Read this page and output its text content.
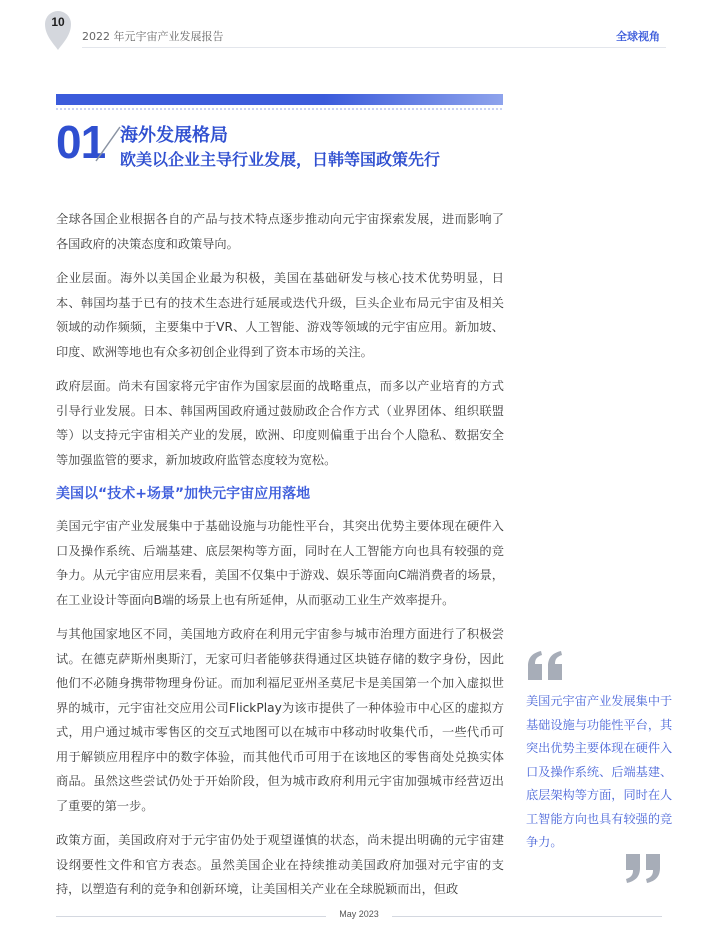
10
2022 年元宇宙产业发展报告	全球视角
01 海外发展格局
欧美以企业主导行业发展，日韩等国政策先行

全球各国企业根据各自的产品与技术特点逐步推动向元宇宙探索发展，进而影响了各国政府的决策态度和政策导向。

企业层面。海外以美国企业最为积极，美国在基础研发与核心技术优势明显，日本、韩国均基于已有的技术生态进行延展或迭代升级，巨头企业布局元宇宙及相关领域的动作频频，主要集中于VR、人工智能、游戏等领域的元宇宙应用。新加坡、印度、欧洲等地也有众多初创企业得到了资本市场的关注。

政府层面。尚未有国家将元宇宙作为国家层面的战略重点，而多以产业培育的方式引导行业发展。日本、韩国两国政府通过鼓励政企合作方式（业界团体、组织联盟等）以支持元宇宙相关产业的发展，欧洲、印度则偏重于出台个人隐私、数据安全等加强监管的要求，新加坡政府监管态度较为宽松。

美国以“技术+场景”加快元宇宙应用落地

美国元宇宙产业发展集中于基础设施与功能性平台，其突出优势主要体现在硬件入口及操作系统、后端基建、底层架构等方面，同时在人工智能方向也具有较强的竞争力。从元宇宙应用层来看，美国不仅集中于游戏、娱乐等面向C端消费者的场景，在工业设计等面向B端的场景上也有所延伸，从而驱动工业生产效率提升。

与其他国家地区不同，美国地方政府在利用元宇宙参与城市治理方面进行了积极尝试。在德克萨斯州奥斯汀，无家可归者能够获得通过区块链存储的数字身份，因此他们不必随身携带物理身份证。而加利福尼亚州圣莫尼卡是美国第一个加入虚拟世界的城市，元宇宙社交应用公司FlickPlay为该市提供了一种体验市中心区的虚拟方式，用户通过城市零售区的交互式地图可以在城市中移动时收集代币，一些代币可用于解锁应用程序中的数字体验，而其他代币可用于在该地区的零售商处兑换实体商品。虽然这些尝试仍处于开始阶段，但为城市政府利用元宇宙加强城市经营迈出了重要的第一步。

政策方面，美国政府对于元宇宙仍处于观望谨慎的状态，尚未提出明确的元宇宙建设纲要性文件和官方表态。虽然美国企业在持续推动美国政府加强对元宇宙的支持，以塑造有利的竞争和创新环境，让美国相关产业在全球脱颖而出，但政

美国元宇宙产业发展集中于基础设施与功能性平台，其突出优势主要体现在硬件入口及操作系统、后端基建、底层架构等方面，同时在人工智能方向也具有较强的竞争力。
May 2023
